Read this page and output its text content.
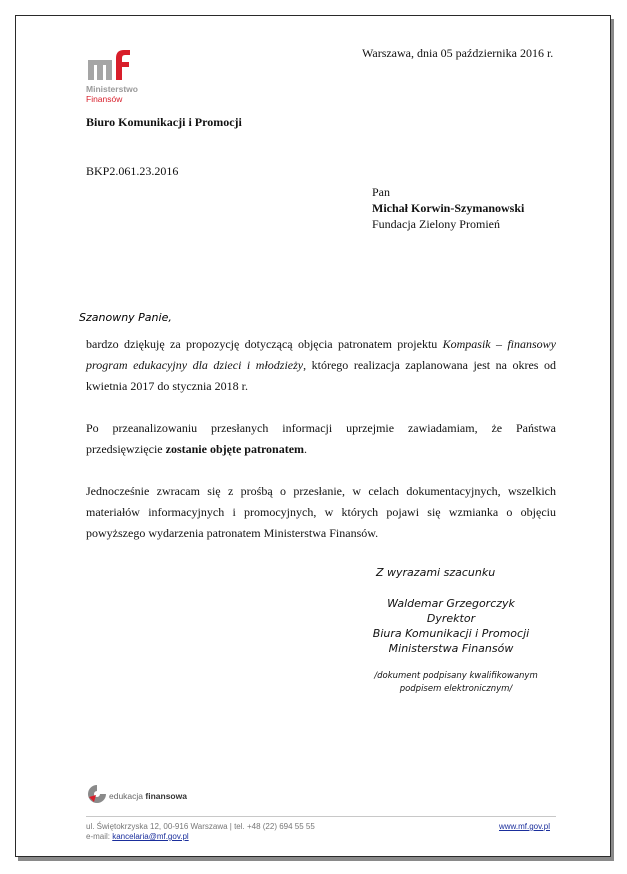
Ministerstwo
Finansów
Warszawa, dnia 05 października 2016 r.
Biuro Komunikacji i Promocji
BKP2.061.23.2016
Pan
Michał Korwin-Szymanowski
Fundacja Zielony Promień
Szanowny Panie,
bardzo dziękuję za propozycję dotyczącą objęcia patronatem projektu Kompasik – finansowy program edukacyjny dla dzieci i młodzieży, którego realizacja zaplanowana jest na okres od kwietnia 2017 do stycznia 2018 r.
Po przeanalizowaniu przesłanych informacji uprzejmie zawiadamiam, że Państwa przedsięwzięcie zostanie objęte patronatem.
Jednocześnie zwracam się z prośbą o przesłanie, w celach dokumentacyjnych, wszelkich materiałów informacyjnych i promocyjnych, w których pojawi się wzmianka o objęciu powyższego wydarzenia patronatem Ministerstwa Finansów.
Z wyrazami szacunku
Waldemar Grzegorczyk
Dyrektor
Biura Komunikacji i Promocji
Ministerstwa Finansów
/dokument podpisany kwalifikowanym
podpisem elektronicznym/
edukacja finansowa
ul. Świętokrzyska 12, 00-916 Warszawa | tel. +48 (22) 694 55 55
e-mail: kancelaria@mf.gov.pl
www.mf.gov.pl
